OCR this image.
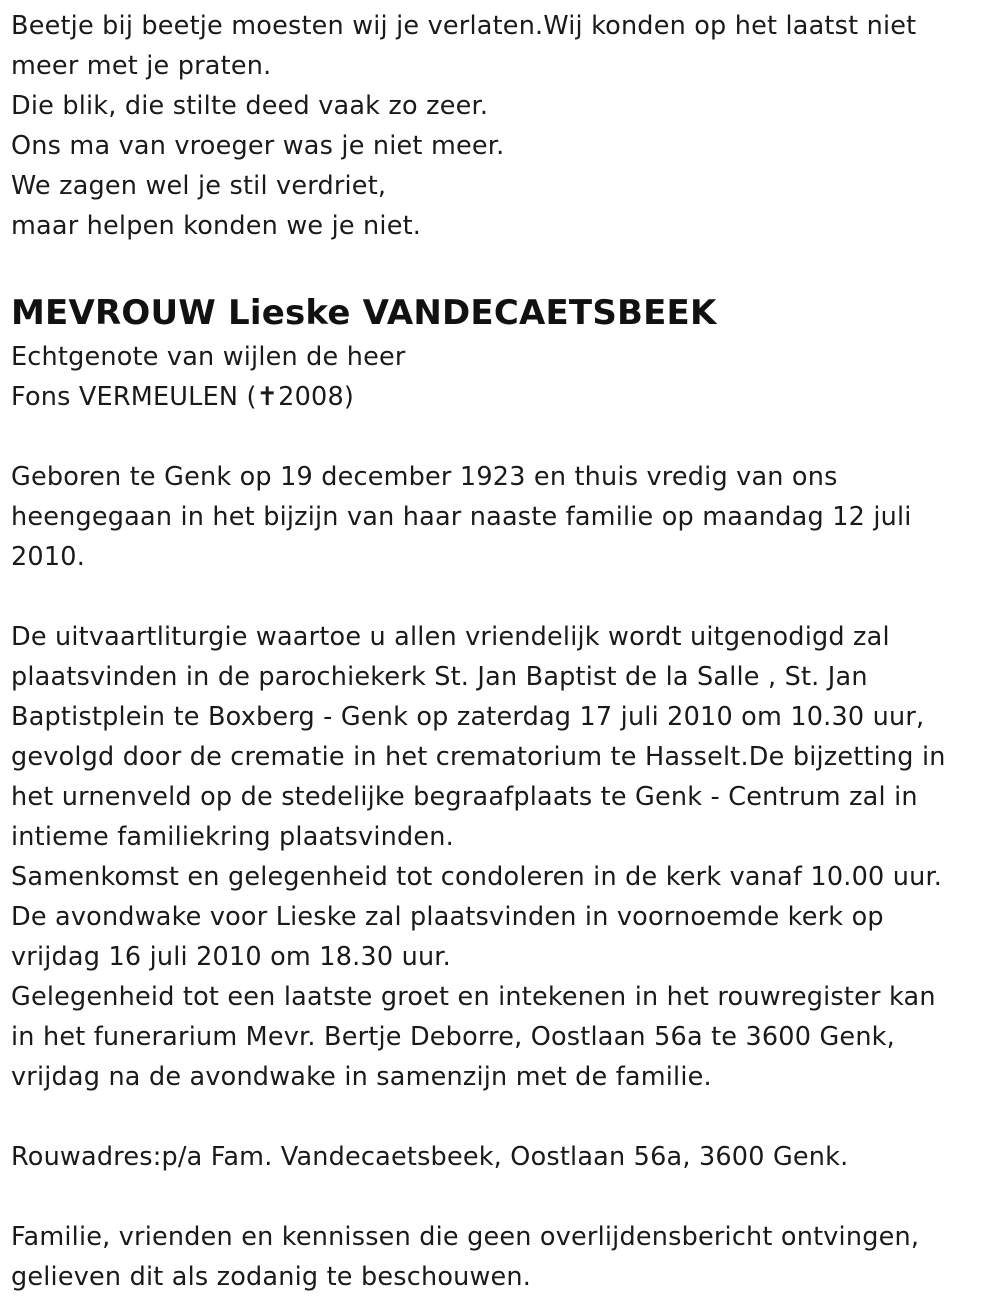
Beetje bij beetje moesten wij je verlaten.Wij konden op het laatst niet
meer met je praten.
Die blik, die stilte deed vaak zo zeer.
Ons ma van vroeger was je niet meer.
We zagen wel je stil verdriet,
maar helpen konden we je niet.
MEVROUW Lieske VANDECAETSBEEK
Echtgenote van wijlen de heer
Fons VERMEULEN (✝2008)
Geboren te Genk op 19 december 1923 en thuis vredig van ons
heengegaan in het bijzijn van haar naaste familie op maandag 12 juli
2010.
De uitvaartliturgie waartoe u allen vriendelijk wordt uitgenodigd zal
plaatsvinden in de parochiekerk St. Jan Baptist de la Salle , St. Jan
Baptistplein te Boxberg - Genk op zaterdag 17 juli 2010 om 10.30 uur,
gevolgd door de crematie in het crematorium te Hasselt.De bijzetting in
het urnenveld op de stedelijke begraafplaats te Genk - Centrum zal in
intieme familiekring plaatsvinden.
Samenkomst en gelegenheid tot condoleren in de kerk vanaf 10.00 uur.
De avondwake voor Lieske zal plaatsvinden in voornoemde kerk op
vrijdag 16 juli 2010 om 18.30 uur.
Gelegenheid tot een laatste groet en intekenen in het rouwregister kan
in het funerarium Mevr. Bertje Deborre, Oostlaan 56a te 3600 Genk,
vrijdag na de avondwake in samenzijn met de familie.
Rouwadres:p/a Fam. Vandecaetsbeek, Oostlaan 56a, 3600 Genk.
Familie, vrienden en kennissen die geen overlijdensbericht ontvingen,
gelieven dit als zodanig te beschouwen.
